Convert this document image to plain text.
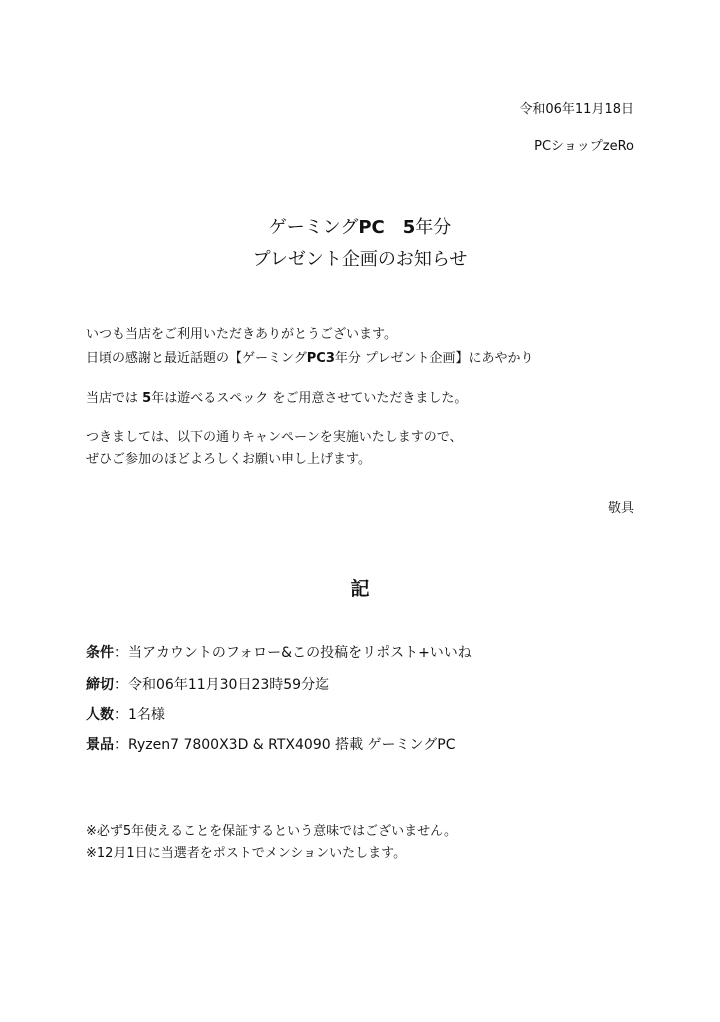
令和06年11月18日
PCショップzeRo
ゲーミングPC　5年分
プレゼント企画のお知らせ
いつも当店をご利用いただきありがとうございます。
日頃の感謝と最近話題の【ゲーミングPC3年分 プレゼント企画】にあやかり
当店では 5年は遊べるスペック をご用意させていただきました。
つきましては、以下の通りキャンペーンを実施いたしますので、
ぜひご参加のほどよろしくお願い申し上げます。
敬具
記
条件：当アカウントのフォロー&この投稿をリポスト+いいね
締切：令和06年11月30日23時59分迄
人数：1名様
景品：Ryzen7 7800X3D & RTX4090 搭載 ゲーミングPC
※必ず5年使えることを保証するという意味ではございません。
※12月1日に当選者をポストでメンションいたします。
